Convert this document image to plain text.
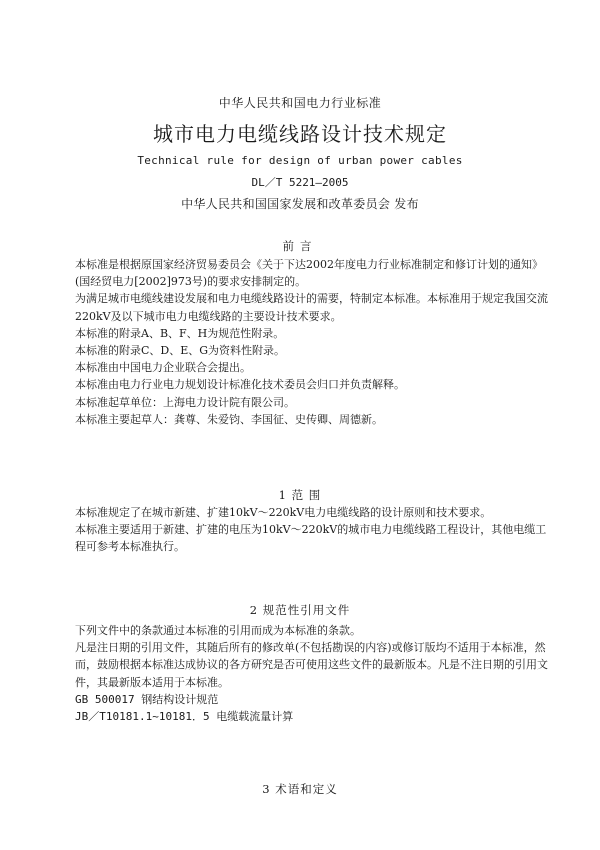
中华人民共和国电力行业标准
城市电力电缆线路设计技术规定
Technical rule for design of urban power cables
DL／T 5221—2005
中华人民共和国国家发展和改革委员会 发布
前言

本标准是根据原国家经济贸易委员会《关于下达2002年度电力行业标准制定和修订计划的通知》(国经贸电力[2002]973号)的要求安排制定的。

为满足城市电缆线建设发展和电力电缆线路设计的需要，特制定本标准。本标准用于规定我国交流220kV及以下城市电力电缆线路的主要设计技术要求。

本标准的附录A、B、F、H为规范性附录。

本标准的附录C、D、E、G为资料性附录。

本标准由中国电力企业联合会提出。

本标准由电力行业电力规划设计标准化技术委员会归口并负责解释。

本标准起草单位：上海电力设计院有限公司。

本标准主要起草人：龚尊、朱爱钧、李国征、史传卿、周德新。

1 范 围

本标准规定了在城市新建、扩建10kV～220kV电力电缆线路的设计原则和技术要求。

本标准主要适用于新建、扩建的电压为10kV～220kV的城市电力电缆线路工程设计，其他电缆工程可参考本标准执行。

2 规范性引用文件

下列文件中的条款通过本标准的引用而成为本标准的条款。

凡是注日期的引用文件，其随后所有的修改单(不包括勘误的内容)或修订版均不适用于本标准，然而，鼓励根据本标准达成协议的各方研究是否可使用这些文件的最新版本。凡是不注日期的引用文件，其最新版本适用于本标准。

GB 500017 钢结构设计规范

JB／T10181.1~10181．5 电缆载流量计算

3 术语和定义
